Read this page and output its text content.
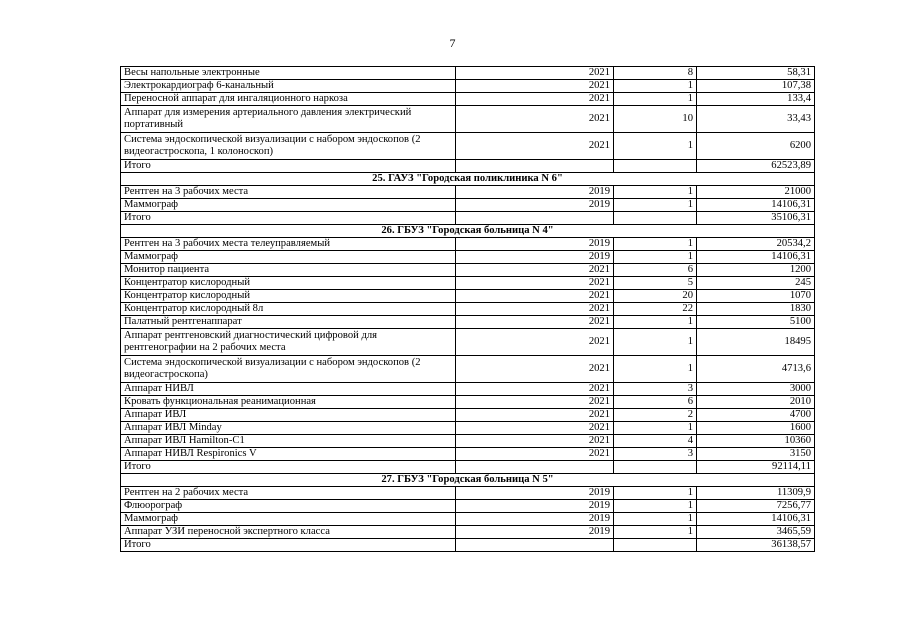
7
Весы напольные электронные	2021	8	58,31
Электрокардиограф 6-канальный	2021	1	107,38
Переносной аппарат для ингаляционного наркоза	2021	1	133,4
Аппарат для измерения артериального давления электрический портативный	2021	10	33,43
Система эндоскопической визуализации с набором эндоскопов (2 видеогастроскопа, 1 колоноскоп)	2021	1	6200
Итого			62523,89
25. ГАУЗ "Городская поликлиника N 6"			
Рентген на 3 рабочих места	2019	1	21000
Маммограф	2019	1	14106,31
Итого			35106,31
26. ГБУЗ "Городская больница N 4"			
Рентген на 3 рабочих места телеуправляемый	2019	1	20534,2
Маммограф	2019	1	14106,31
Монитор пациента	2021	6	1200
Концентратор кислородный	2021	5	245
Концентратор кислородный	2021	20	1070
Концентратор кислородный 8л	2021	22	1830
Палатный рентгенаппарат	2021	1	5100
Аппарат рентгеновский диагностический цифровой для рентгенографии на 2 рабочих места	2021	1	18495
Система эндоскопической визуализации с набором эндоскопов (2 видеогастроскопа)	2021	1	4713,6
Аппарат НИВЛ	2021	3	3000
Кровать функциональная реанимационная	2021	6	2010
Аппарат ИВЛ	2021	2	4700
Аппарат ИВЛ Minday	2021	1	1600
Аппарат ИВЛ Hamilton-C1	2021	4	10360
Аппарат НИВЛ Respironics V	2021	3	3150
Итого			92114,11
27. ГБУЗ "Городская больница N 5"			
Рентген на 2 рабочих места	2019	1	11309,9
Флюорограф	2019	1	7256,77
Маммограф	2019	1	14106,31
Аппарат УЗИ переносной экспертного класса	2019	1	3465,59
Итого			36138,57
